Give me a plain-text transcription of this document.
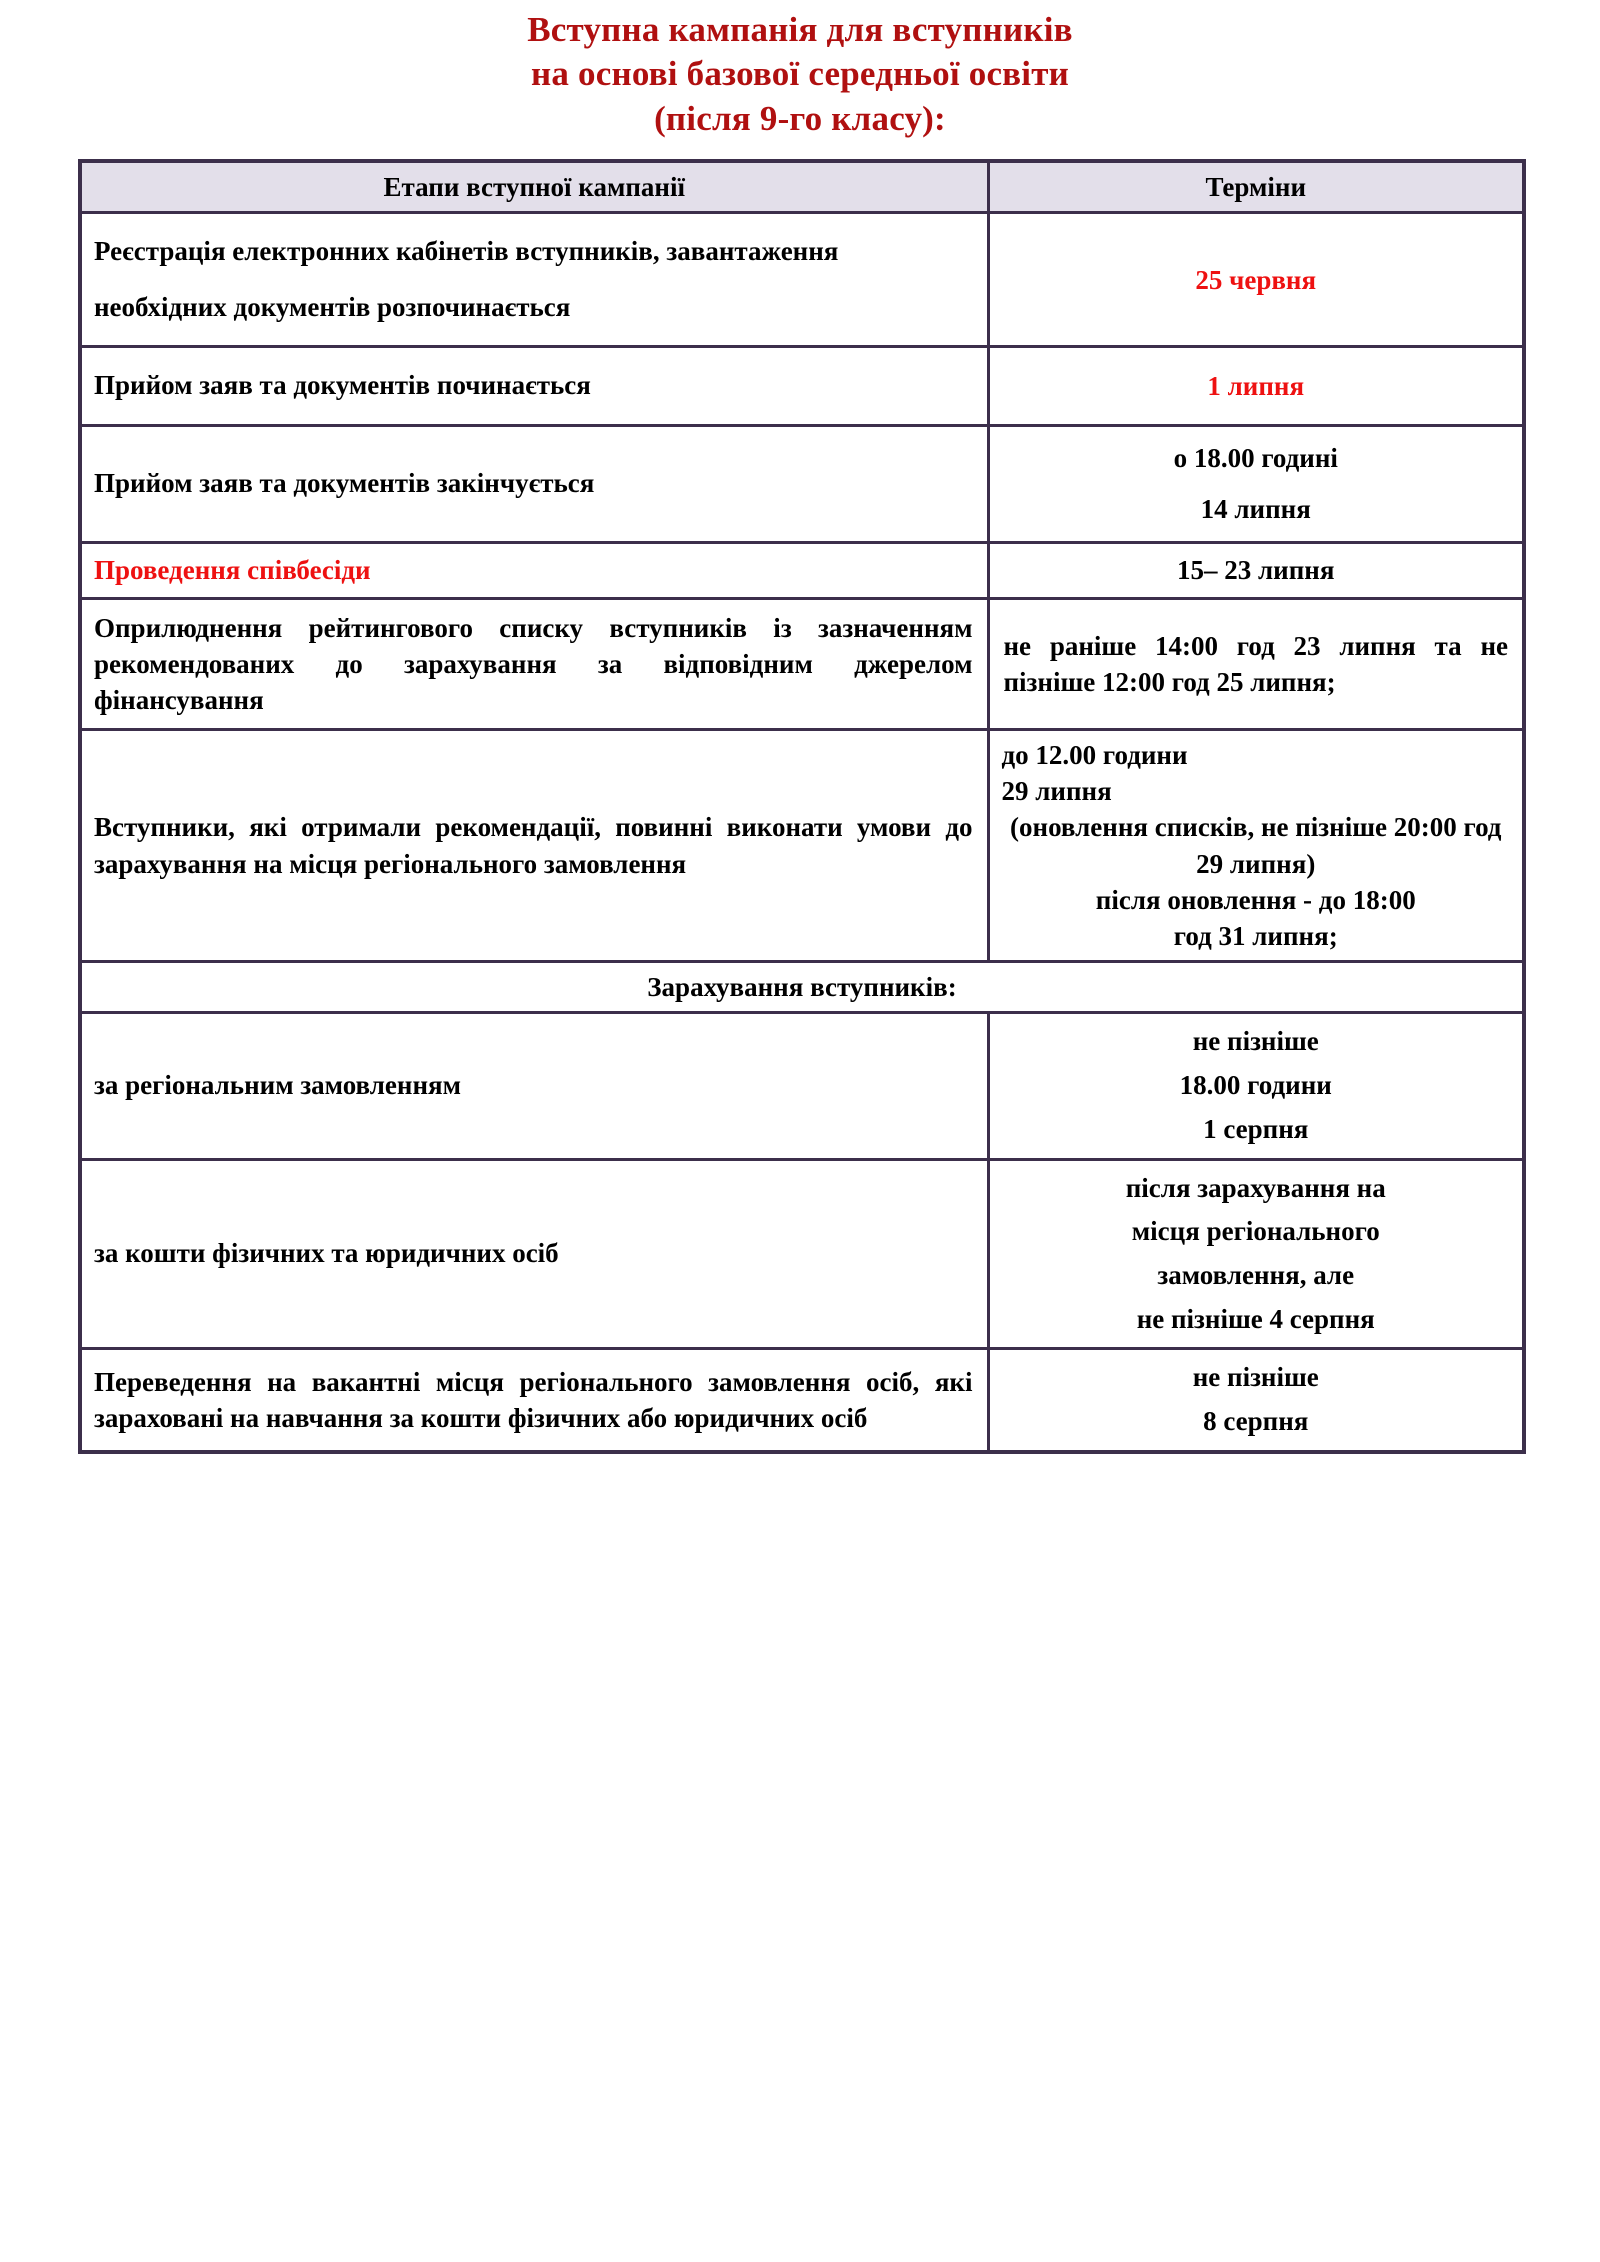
Вступна кампанія для вступників
на основі базової середньої освіти
(після 9-го класу):
Етапи вступної кампанії	Терміни
Реєстрація електронних кабінетів вступників, завантаження необхідних документів розпочинається	25 червня
Прийом заяв та документів починається	1 липня
Прийом заяв та документів закінчується	о 18.00 годині
14 липня

Проведення співбесіди	15– 23 липня
Оприлюднення рейтингового списку вступників із зазначенням рекомендованих до зарахування за відповідним джерелом фінансування	не раніше 14:00 год 23 липня та не пізніше 12:00 год 25 липня;
Вступники, які отримали рекомендації, повинні виконати умови до зарахування на місця регіонального замовлення	до 12.00 години
29 липня
(оновлення списків, не пізніше 20:00 год 29 липня)
після оновлення - до 18:00
год 31 липня;

Зарахування вступників:	
за регіональним замовленням	не пізніше
18.00 години
1 серпня

за кошти фізичних та юридичних осіб	після зарахування на
місця регіонального
замовлення, але
не пізніше 4 серпня

Переведення на вакантні місця регіонального замовлення осіб, які зараховані на навчання за кошти фізичних або юридичних осіб	не пізніше
8 серпня
